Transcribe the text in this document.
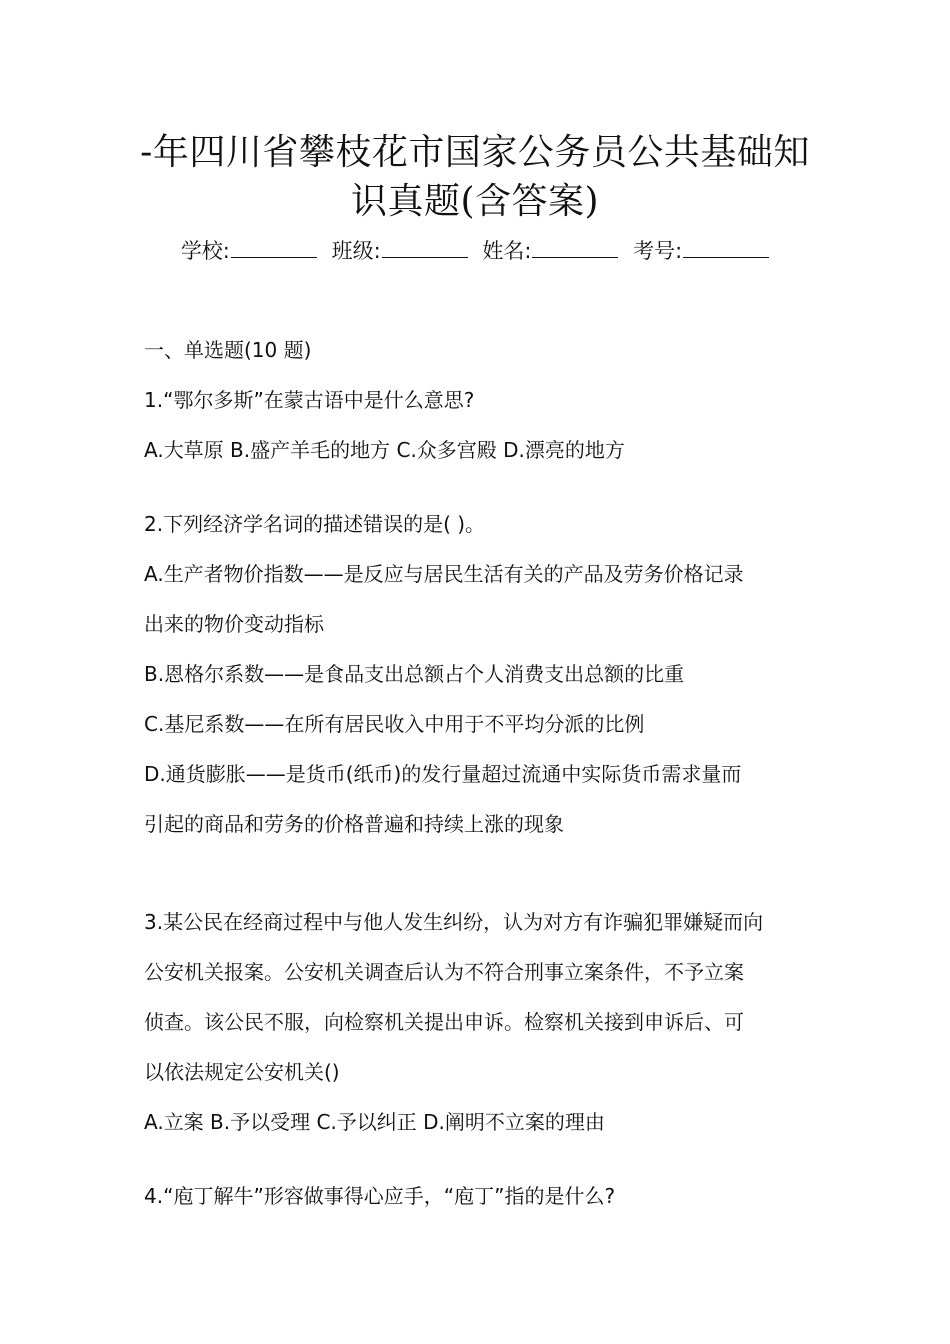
-年四川省攀枝花市国家公务员公共基础知
识真题(含答案)
学校:	班级:	姓名:	考号:
一、单选题(10 题)
1.“鄂尔多斯”在蒙古语中是什么意思?
A.大草原 B.盛产羊毛的地方 C.众多宫殿 D.漂亮的地方
2.下列经济学名词的描述错误的是( )。
A.生产者物价指数——是反应与居民生活有关的产品及劳务价格记录
出来的物价变动指标
B.恩格尔系数——是食品支出总额占个人消费支出总额的比重
C.基尼系数——在所有居民收入中用于不平均分派的比例
D.通货膨胀——是货币(纸币)的发行量超过流通中实际货币需求量而
引起的商品和劳务的价格普遍和持续上涨的现象
3.某公民在经商过程中与他人发生纠纷，认为对方有诈骗犯罪嫌疑而向
公安机关报案。公安机关调查后认为不符合刑事立案条件，不予立案
侦查。该公民不服，向检察机关提出申诉。检察机关接到申诉后、可
以依法规定公安机关()
A.立案 B.予以受理 C.予以纠正 D.阐明不立案的理由
4.“庖丁解牛”形容做事得心应手，“庖丁”指的是什么?
